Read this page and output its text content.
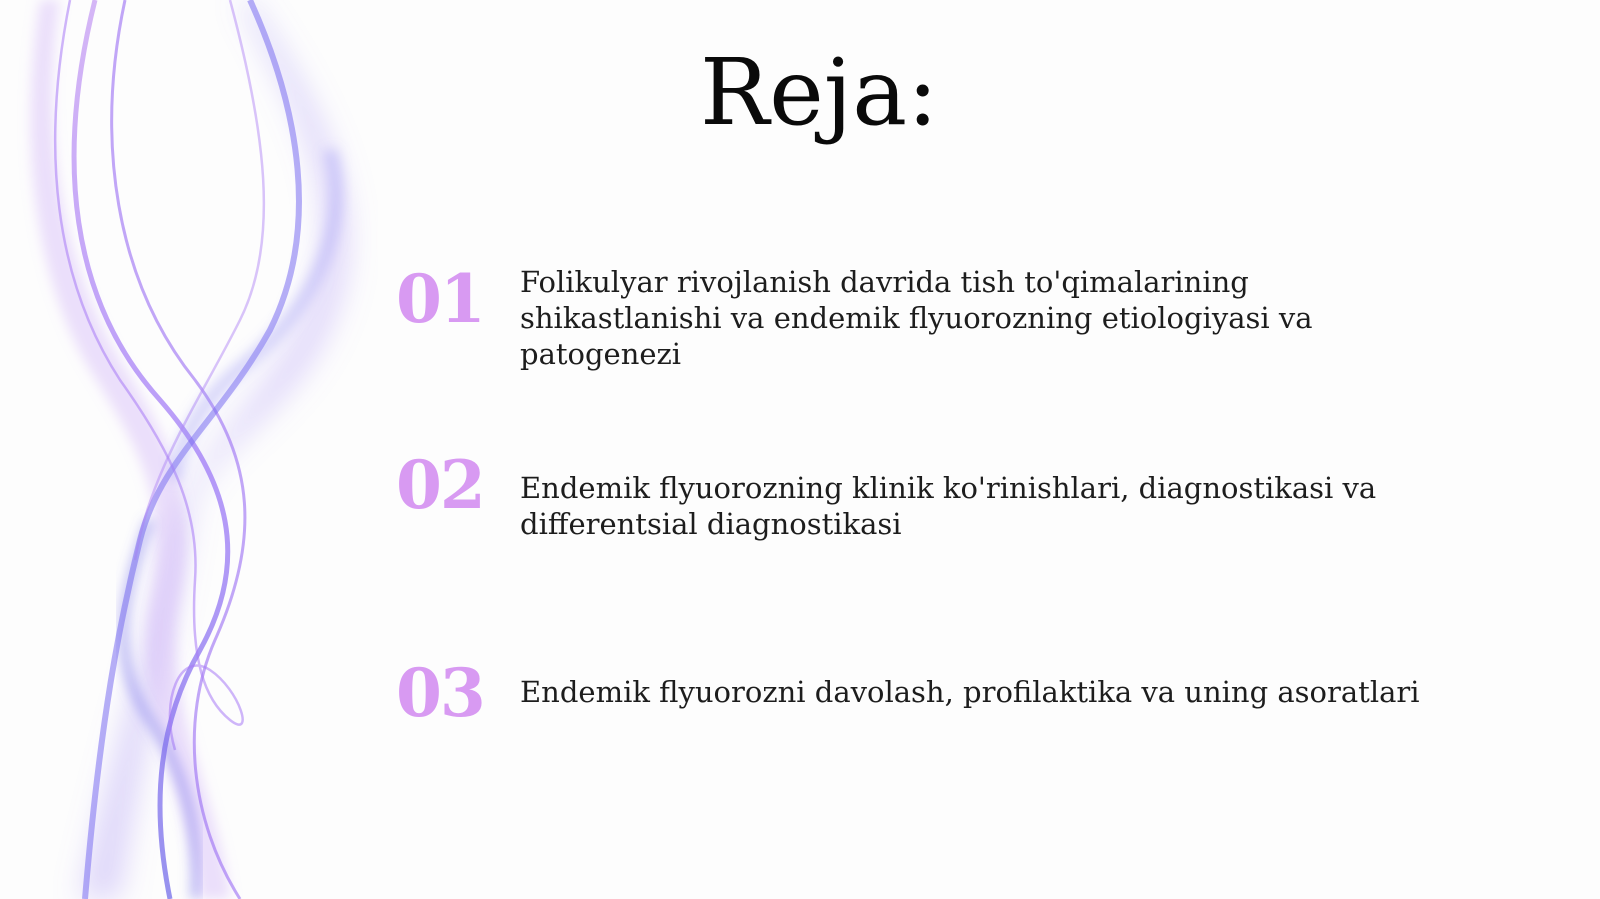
Reja:
01 Folikulyar rivojlanish davrida tish to'qimalarining shikastlanishi va endemik flyuorozning etiologiyasi va patogenezi
02 Endemik flyuorozning klinik ko'rinishlari, diagnostikasi va differentsial diagnostikasi
03 Endemik flyuorozni davolash, profilaktika va uning asoratlari
